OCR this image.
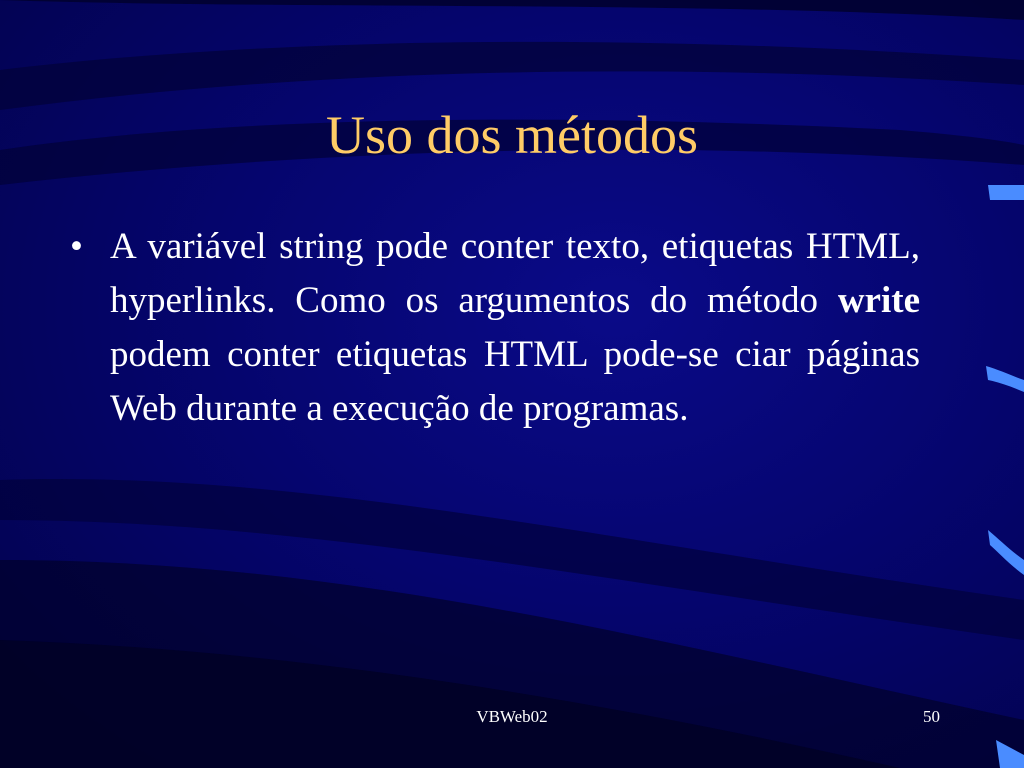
Uso dos métodos
• A variável string pode conter texto, etiquetas HTML, hyperlinks. Como os argumentos do método write podem conter etiquetas HTML pode-se ciar páginas Web durante a execução de programas.
VBWeb02	50
